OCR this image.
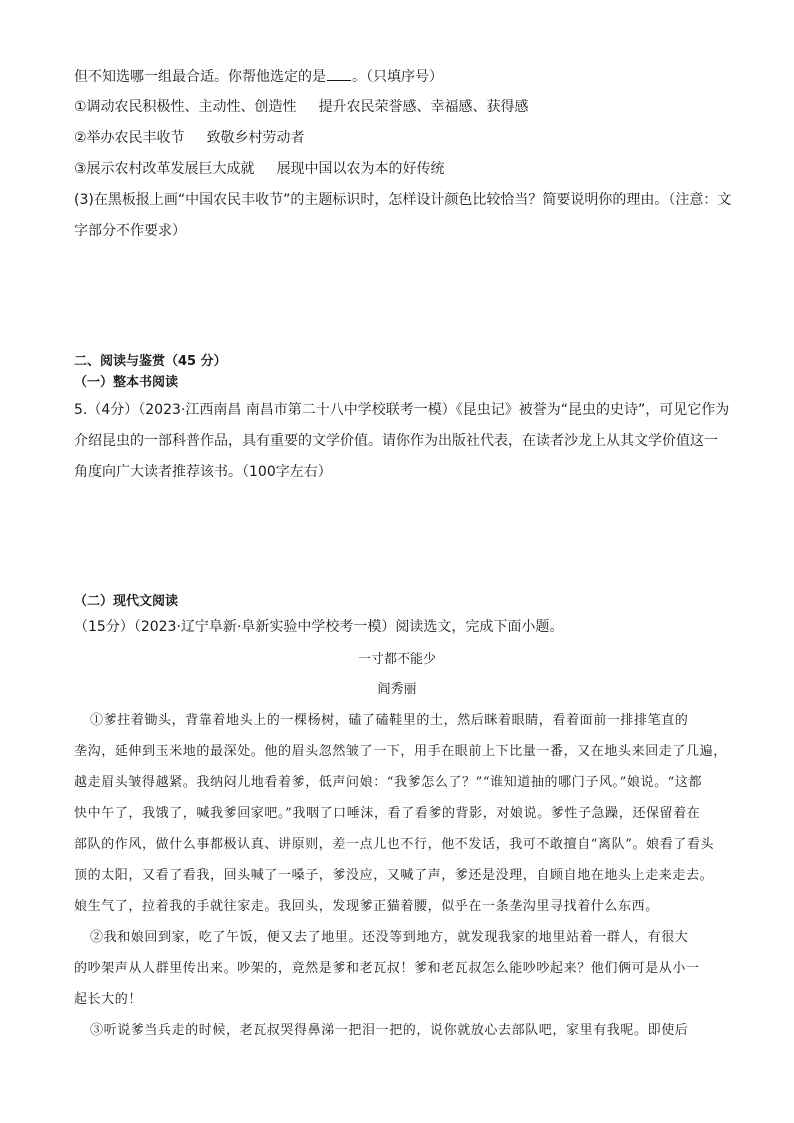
但不知选哪一组最合适。你帮他选定的是 。（只填序号）
①调动农民积极性、主动性、创造性 提升农民荣誉感、幸福感、获得感
②举办农民丰收节 致敬乡村劳动者
③展示农村改革发展巨大成就 展现中国以农为本的好传统
(3)在黑板报上画“中国农民丰收节”的主题标识时，怎样设计颜色比较恰当？简要说明你的理由。（注意：文
字部分不作要求）
二、阅读与鉴赏（45 分）
（一）整本书阅读
5.（4分）（2023·江西南昌 南昌市第二十八中学校联考一模）《昆虫记》被誉为“昆虫的史诗”，可见它作为
介绍昆虫的一部科普作品，具有重要的文学价值。请你作为出版社代表，在读者沙龙上从其文学价值这一
角度向广大读者推荐该书。（100字左右）
（二）现代文阅读
（15分）（2023·辽宁阜新·阜新实验中学校考一模）阅读选文，完成下面小题。
一寸都不能少
阎秀丽
①爹拄着锄头，背靠着地头上的一棵杨树，磕了磕鞋里的土，然后眯着眼睛，看着面前一排排笔直的
垄沟，延伸到玉米地的最深处。他的眉头忽然皱了一下，用手在眼前上下比量一番，又在地头来回走了几遍，
越走眉头皱得越紧。我纳闷儿地看着爹，低声问娘：“我爹怎么了？”“谁知道抽的哪门子风。”娘说。“这都
快中午了，我饿了，喊我爹回家吧。”我咽了口唾沫，看了看爹的背影，对娘说。爹性子急躁，还保留着在
部队的作风，做什么事都极认真、讲原则，差一点儿也不行，他不发话，我可不敢擅自“离队”。娘看了看头
顶的太阳，又看了看我，回头喊了一嗓子，爹没应，又喊了声，爹还是没理，自顾自地在地头上走来走去。
娘生气了，拉着我的手就往家走。我回头，发现爹正猫着腰，似乎在一条垄沟里寻找着什么东西。
②我和娘回到家，吃了午饭，便又去了地里。还没等到地方，就发现我家的地里站着一群人，有很大
的吵架声从人群里传出来。吵架的，竟然是爹和老瓦叔！爹和老瓦叔怎么能吵吵起来？他们俩可是从小一
起长大的！
③听说爹当兵走的时候，老瓦叔哭得鼻涕一把泪一把的，说你就放心去部队吧，家里有我呢。即使后
